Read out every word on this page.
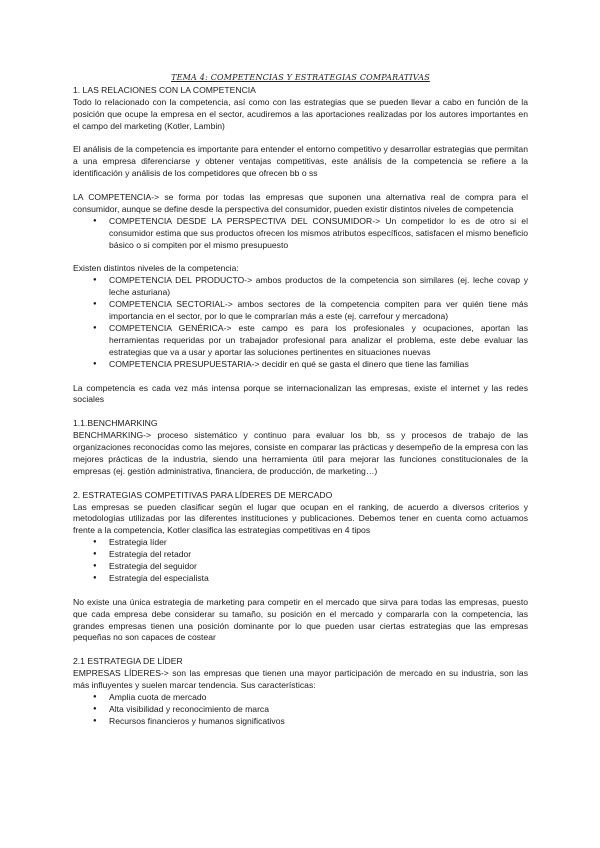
TEMA 4: COMPETENCIAS Y ESTRATEGIAS COMPARATIVAS
1. LAS RELACIONES CON LA COMPETENCIA

Todo lo relacionado con la competencia, así como con las estrategias que se pueden llevar a cabo en función de la posición que ocupe la empresa en el sector, acudiremos a las aportaciones realizadas por los autores importantes en el campo del marketing (Kotler, Lambin)

El análisis de la competencia es importante para entender el entorno competitivo y desarrollar estrategias que permitan a una empresa diferenciarse y obtener ventajas competitivas, este análisis de la competencia se refiere a la identificación y análisis de los competidores que ofrecen bb o ss

LA COMPETENCIA-> se forma por todas las empresas que suponen una alternativa real de compra para el consumidor, aunque se define desde la perspectiva del consumidor, pueden existir distintos niveles de competencia

● COMPETENCIA DESDE LA PERSPECTIVA DEL CONSUMIDOR-> Un competidor lo es de otro si el consumidor estima que sus productos ofrecen los mismos atributos específicos, satisfacen el mismo beneficio básico o si compiten por el mismo presupuesto

Existen distintos niveles de la competencia:

● COMPETENCIA DEL PRODUCTO-> ambos productos de la competencia son similares (ej. leche covap y leche asturiana)
● COMPETENCIA SECTORIAL-> ambos sectores de la competencia compiten para ver quién tiene más importancia en el sector, por lo que le comprarían más a este (ej. carrefour y mercadona)
● COMPETENCIA GENÉRICA-> este campo es para los profesionales y ocupaciones, aportan las herramientas requeridas por un trabajador profesional para analizar el problema, este debe evaluar las estrategias que va a usar y aportar las soluciones pertinentes en situaciones nuevas
● COMPETENCIA PRESUPUESTARIA-> decidir en qué se gasta el dinero que tiene las familias

La competencia es cada vez más intensa porque se internacionalizan las empresas, existe el internet y las redes sociales

1.1.BENCHMARKING

BENCHMARKING-> proceso sistemático y continuo para evaluar los bb, ss y procesos de trabajo de las organizaciones reconocidas como las mejores, consiste en comparar las prácticas y desempeño de la empresa con las mejores prácticas de la industria, siendo una herramienta útil para mejorar las funciones constitucionales de la empresas (ej. gestión administrativa, financiera, de producción, de marketing…)

2. ESTRATEGIAS COMPETITIVAS PARA LÍDERES DE MERCADO

Las empresas se pueden clasificar según el lugar que ocupan en el ranking, de acuerdo a diversos criterios y metodologías utilizadas por las diferentes instituciones y publicaciones. Debemos tener en cuenta como actuamos frente a la competencia, Kotler clasifica las estrategias competitivas en 4 tipos

● Estrategia líder
● Estrategia del retador
● Estrategia del seguidor
● Estrategia del especialista

No existe una única estrategia de marketing para competir en el mercado que sirva para todas las empresas, puesto que cada empresa debe considerar su tamaño, su posición en el mercado y compararla con la competencia, las grandes empresas tienen una posición dominante por lo que pueden usar ciertas estrategias que las empresas pequeñas no son capaces de costear

2.1 ESTRATEGIA DE LÍDER

EMPRESAS LÍDERES-> son las empresas que tienen una mayor participación de mercado en su industria, son las más influyentes y suelen marcar tendencia. Sus características:

● Amplia cuota de mercado
● Alta visibilidad y reconocimiento de marca
● Recursos financieros y humanos significativos
